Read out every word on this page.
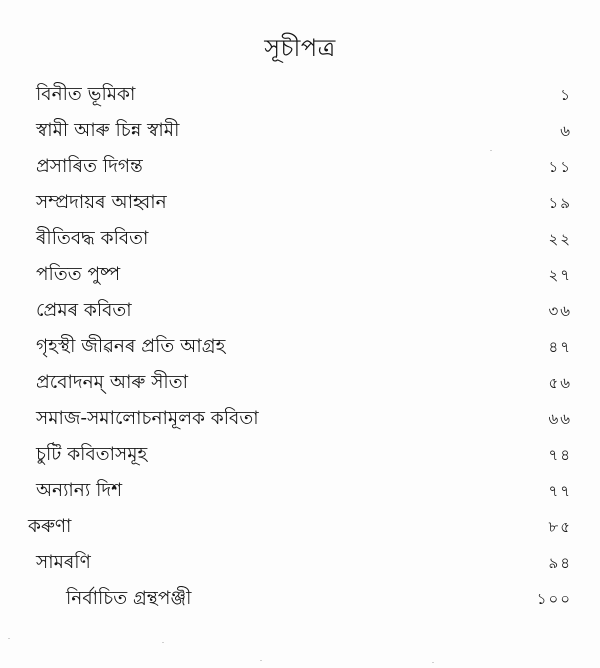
সূচীপত্ৰ
বিনীত ভূমিকা	১
স্বামী আৰু চিন্ন স্বামী	৬
প্ৰসাৰিত দিগন্ত	১১
সম্প্ৰদায়ৰ আহ্বান	১৯
ৰীতিবদ্ধ কবিতা	২২
পতিত পুষ্প	২৭
প্ৰেমৰ কবিতা	৩৬
গৃহস্থী জীৱনৰ প্ৰতি আগ্ৰহ	৪৭
প্ৰবোদনম্ আৰু সীতা	৫৬
সমাজ-সমালোচনামূলক কবিতা	৬৬
চুটি কবিতাসমূহ	৭৪
অন্যান্য দিশ	৭৭
কৰুণা	৮৫
সামৰণি	৯৪
নিৰ্বাচিত গ্ৰন্থপঞ্জী	১০০
